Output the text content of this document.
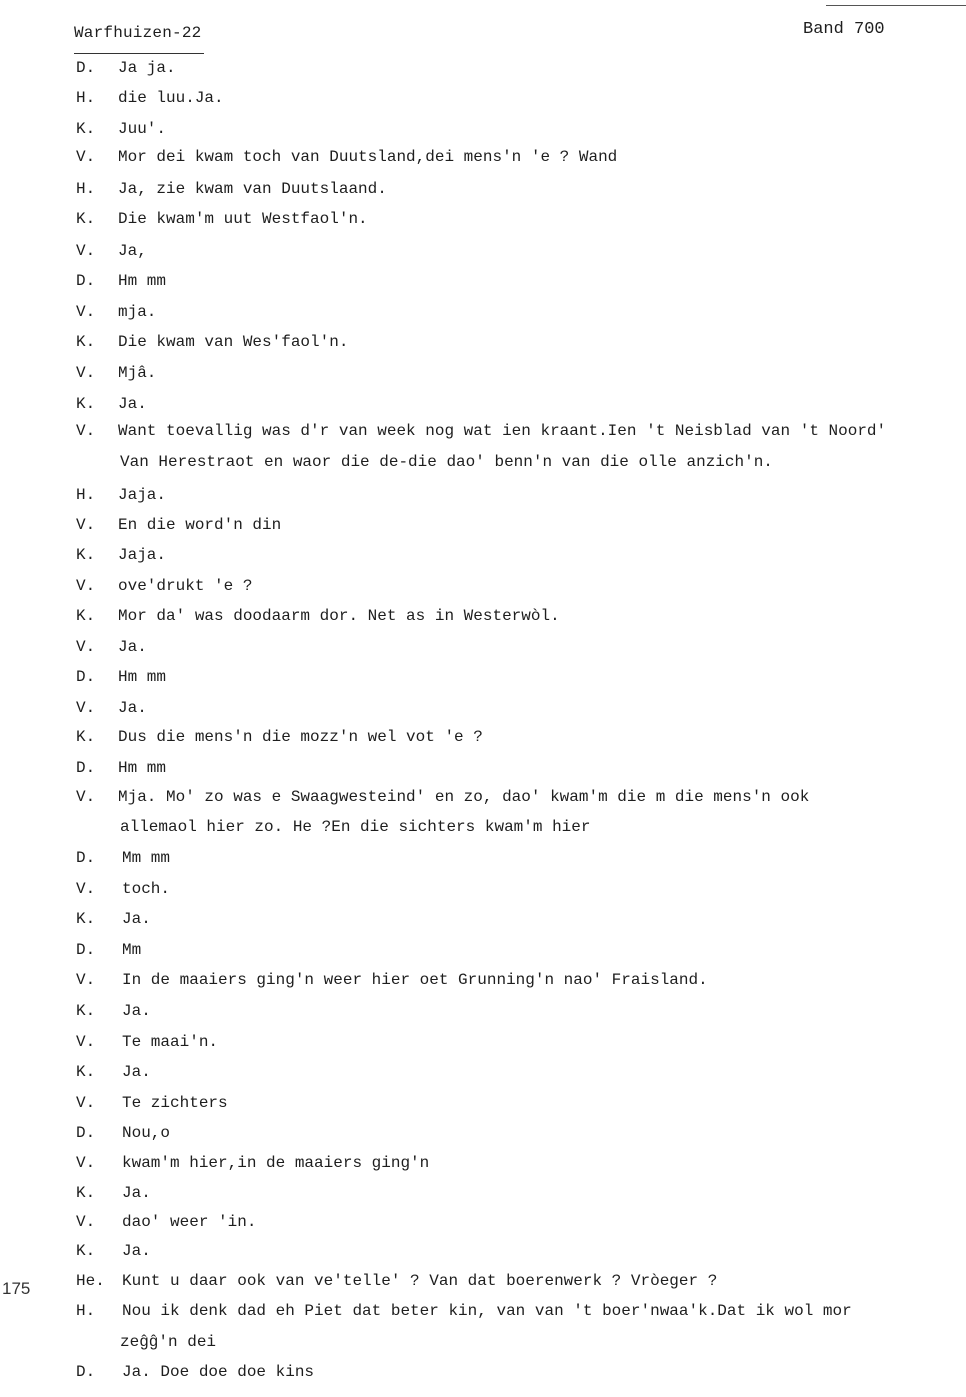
Warfhuizen-22	Band 700
175
D. Ja ja.
H. die luu.Ja.
K. Juu'.
V. Mor dei kwam toch van Duutsland,dei mens'n 'e ? Wand
H. Ja, zie kwam van Duutslaand.
K. Die kwam'm uut Westfaol'n.
V. Ja,
D. Hm mm
V. mja.
K. Die kwam van Wes'faol'n.
V. Mjâ.
K. Ja.
V. Want toevallig was d'r van week nog wat ien kraant.Ien 't Neisblad van 't Noord'
Van Herestraot en waor die de-die dao' benn'n van die olle anzich'n.
H. Jaja.
V. En die word'n din
K. Jaja.
V. ove'drukt 'e ?
K. Mor da' was doodaarm dor. Net as in Westerwòl.
V. Ja.
D. Hm mm
V. Ja.
K. Dus die mens'n die mozz'n wel vot 'e ?
D. Hm mm
V. Mja. Mo' zo was e Swaagwesteind' en zo, dao' kwam'm die m die mens'n ook
allemaol hier zo. He ?En die sichters kwam'm hier
D. Mm mm
V. toch.
K. Ja.
D. Mm
V. In de maaiers ging'n weer hier oet Grunning'n nao' Fraisland.
K. Ja.
V. Te maai'n.
K. Ja.
V. Te zichters
D. Nou,o
V. kwam'm hier,in de maaiers ging'n
K. Ja.
V. dao' weer 'in.
K. Ja.
He. Kunt u daar ook van ve'telle' ? Van dat boerenwerk ? Vròeger ?
H. Nou ik denk dad eh Piet dat beter kin, van van 't boer'nwaa'k.Dat ik wol mor
zeĝĝ'n dei
D. Ja. Doe doe doe kins
